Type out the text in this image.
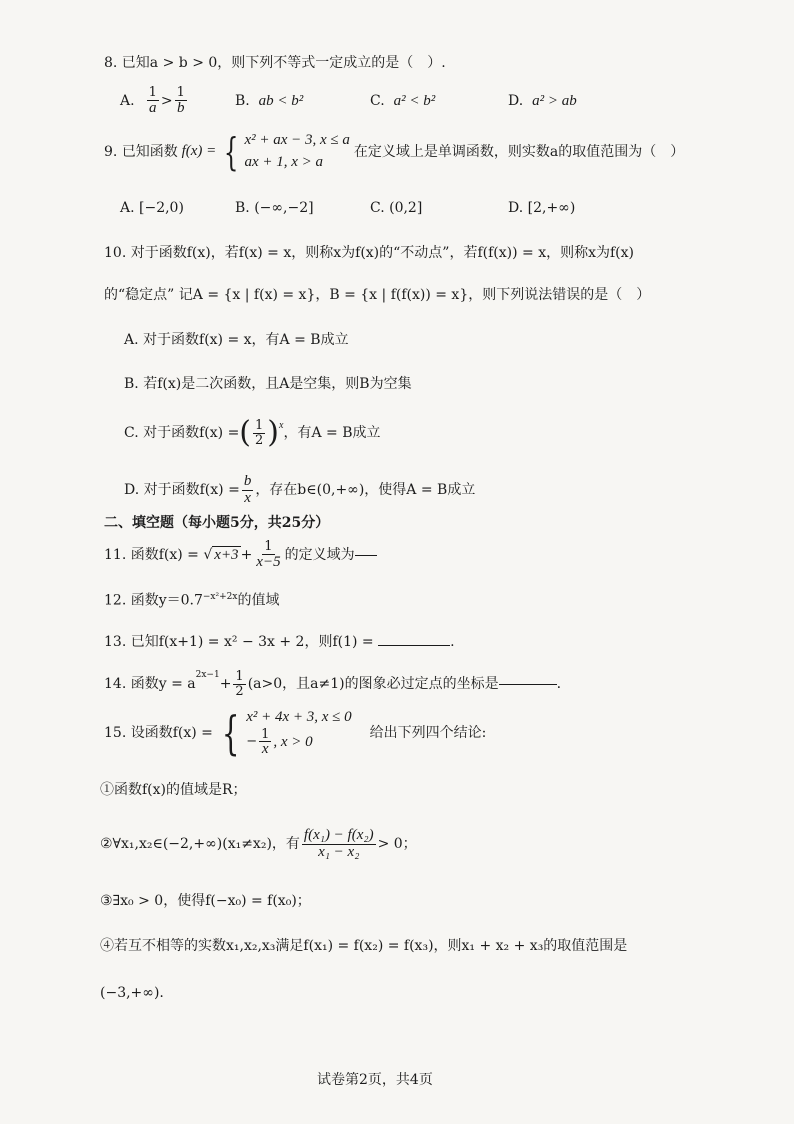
8. 已知a > b > 0，则下列不等式一定成立的是（　）.
A. $\frac{1}{a} > \frac{1}{b}$	B. ab < b²	C. a² < b²	D. a² > ab
9.
已知函数 f(x) = { x² + ax − 3, x ≤ a
ax + 1, x > a
在定义域上是单调函数，则实数a的取值范围为（　）
A. [−2,0)	B. (−∞,−2]	C. (0,2]	D. [2,+∞)
10. 对于函数f(x)，若f(x) = x，则称x为f(x)的“不动点”，若f(f(x)) = x，则称x为f(x)
的“稳定点” 记A = {x | f(x) = x}，B = {x | f(f(x)) = x}，则下列说法错误的是（　）
A. 对于函数f(x) = x，有A = B成立
B. 若f(x)是二次函数，且A是空集，则B为空集
C. 对于函数f(x) = ( $\frac{1}{2}$ ) $^x$ ，有A = B成立
D. 对于函数$f(x) = \frac{b}{x}$ ，存在b∈(0,+∞)，使得A = B成立
二、填空题（每小题5分，共25分）
11. 函数f(x) =
√ $x+3 + \frac{1}{x-5}$ 的定义域为
12. 函数$y=0.7^{-x^2+2x}$的值域
13. 已知f(x+1) = x² − 3x + 2，则f(1) =	.
14. 函数y = a
$^{2x-1}$
+ $\frac{1}{2} (a>0$，且a≠1)的图象必过定点的坐标是	.
15. 设函数f(x) = { x² + 4x + 3, x ≤ 0
− $\frac{1}{x}$ , x > 0
给出下列四个结论:
①函数f(x)的值域是R；
②∀x₁,x₂∈(−2,+∞)(x₁≠x₂)，有 $\frac{\text{f(x₁) − f(x₂)}}{\text{x₁ − x₂}} > 0$；
③∃x₀ > 0，使得f(−x₀) = f(x₀)；
④若互不相等的实数x₁,x₂,x₃满足f(x₁) = f(x₂) = f(x₃)，则x₁ + x₂ + x₃的取值范围是
(−3,+∞).
试卷第2页，共4页
